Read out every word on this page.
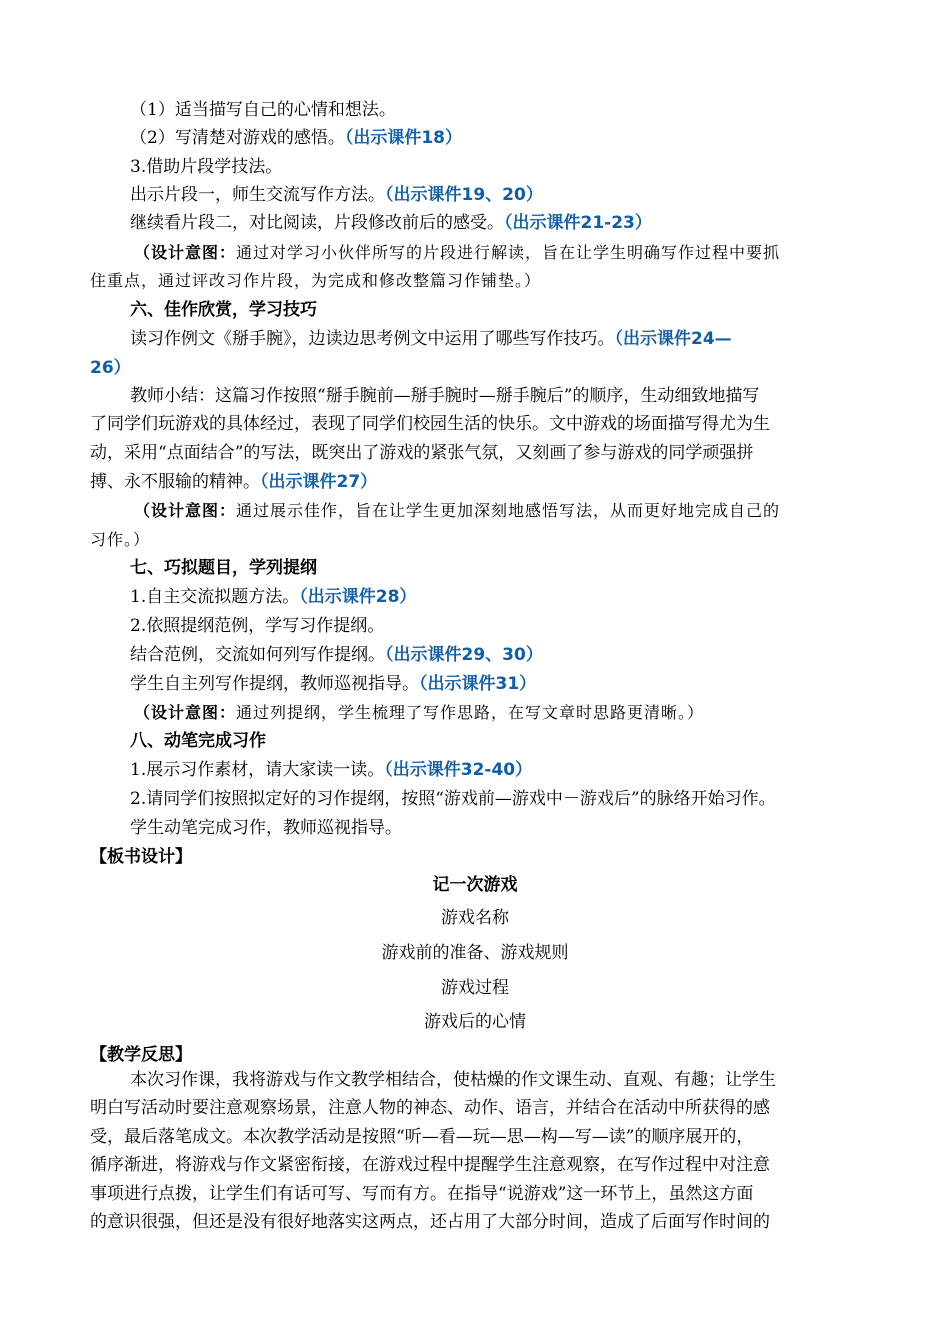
（1）适当描写自己的心情和想法。
（2）写清楚对游戏的感悟。（出示课件18）
3.借助片段学技法。
出示片段一，师生交流写作方法。（出示课件19、20）
继续看片段二，对比阅读，片段修改前后的感受。（出示课件21-23）
（设计意图：通过对学习小伙伴所写的片段进行解读，旨在让学生明确写作过程中要抓
住重点，通过评改习作片段，为完成和修改整篇习作铺垫。）
六、佳作欣赏，学习技巧
读习作例文《掰手腕》，边读边思考例文中运用了哪些写作技巧。（出示课件24—
26）
教师小结：这篇习作按照“掰手腕前—掰手腕时—掰手腕后”的顺序，生动细致地描写
了同学们玩游戏的具体经过，表现了同学们校园生活的快乐。文中游戏的场面描写得尤为生
动，采用“点面结合”的写法，既突出了游戏的紧张气氛，又刻画了参与游戏的同学顽强拼
搏、永不服输的精神。（出示课件27）
（设计意图：通过展示佳作，旨在让学生更加深刻地感悟写法，从而更好地完成自己的
习作。）
七、巧拟题目，学列提纲
1.自主交流拟题方法。（出示课件28）
2.依照提纲范例，学写习作提纲。
结合范例，交流如何列写作提纲。（出示课件29、30）
学生自主列写作提纲，教师巡视指导。（出示课件31）
（设计意图：通过列提纲，学生梳理了写作思路，在写文章时思路更清晰。）
八、动笔完成习作
1.展示习作素材，请大家读一读。（出示课件32-40）
2.请同学们按照拟定好的习作提纲，按照“游戏前—游戏中－游戏后”的脉络开始习作。
学生动笔完成习作，教师巡视指导。
【板书设计】
记一次游戏
游戏名称
游戏前的准备、游戏规则
游戏过程
游戏后的心情
【教学反思】
本次习作课，我将游戏与作文教学相结合，使枯燥的作文课生动、直观、有趣；让学生
明白写活动时要注意观察场景，注意人物的神态、动作、语言，并结合在活动中所获得的感
受，最后落笔成文。本次教学活动是按照“听—看—玩—思—构—写—读”的顺序展开的，
循序渐进，将游戏与作文紧密衔接，在游戏过程中提醒学生注意观察，在写作过程中对注意
事项进行点拨，让学生们有话可写、写而有方。在指导“说游戏”这一环节上，虽然这方面
的意识很强，但还是没有很好地落实这两点，还占用了大部分时间，造成了后面写作时间的
